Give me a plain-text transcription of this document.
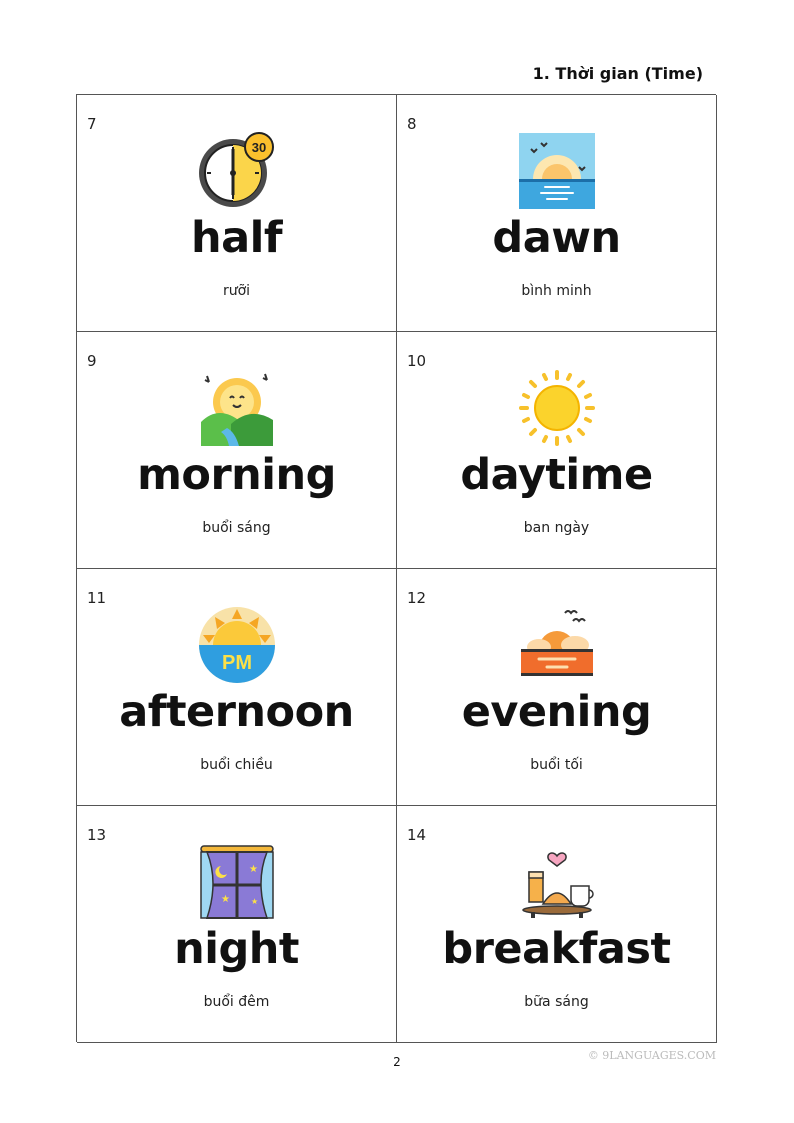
1. Thời gian (Time)
7
30
half
rưỡi
8
dawn
bình minh
9
morning
buổi sáng
10
daytime
ban ngày
11
PM
afternoon
buổi chiều
12
evening
buổi tối
13
★
★	★
night
buổi đêm
14
breakfast
bữa sáng
© 9LANGUAGES.COM
2
